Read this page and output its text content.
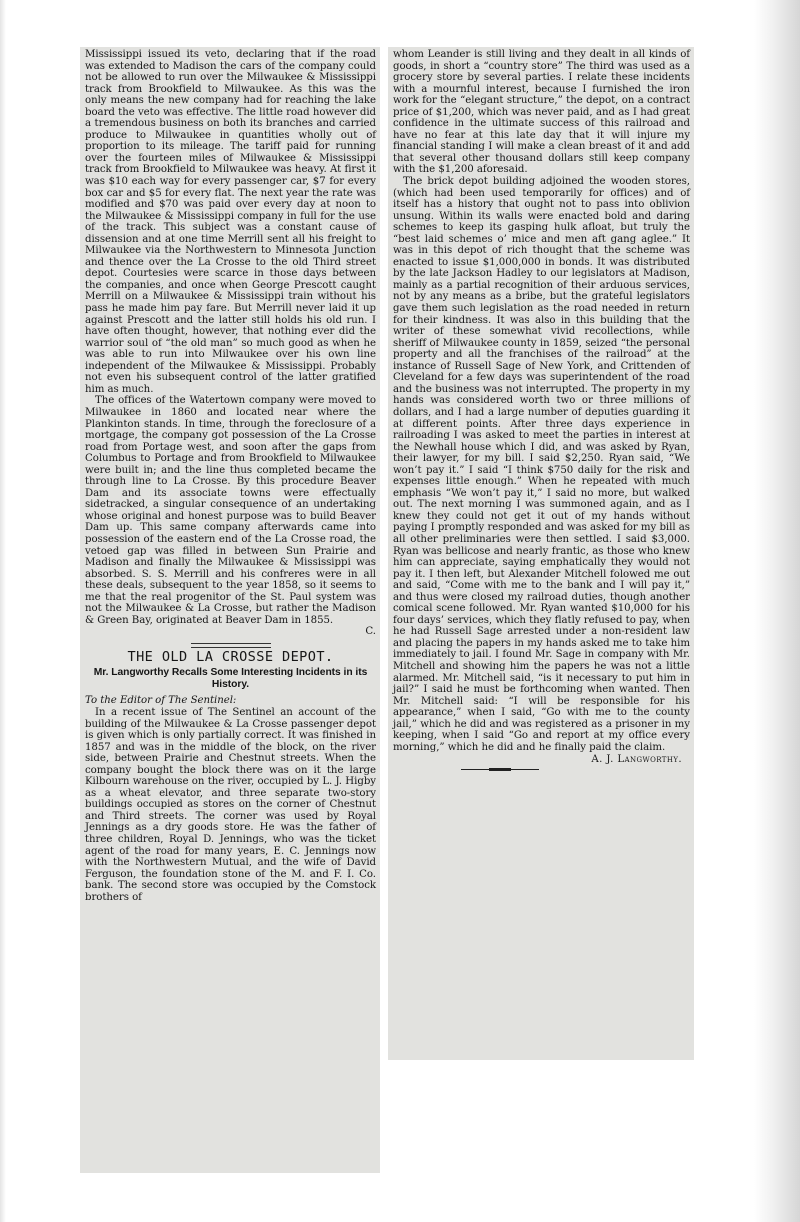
Mississippi issued its veto, declaring that if the road was extended to Madison the cars of the company could not be allowed to run over the Milwaukee & Mississippi track from Brookfield to Milwaukee. As this was the only means the new company had for reaching the lake board the veto was effective. The little road however did a tremendous business on both its branches and carried produce to Milwaukee in quantities wholly out of proportion to its mileage. The tariff paid for running over the fourteen miles of Milwaukee & Mississippi track from Brookfield to Milwaukee was heavy. At first it was $10 each way for every passenger car, $7 for every box car and $5 for every flat. The next year the rate was modified and $70 was paid over every day at noon to the Milwaukee & Mississippi company in full for the use of the track. This subject was a constant cause of dissension and at one time Merrill sent all his freight to Milwaukee via the Northwestern to Minnesota Junction and thence over the La Crosse to the old Third street depot. Courtesies were scarce in those days between the companies, and once when George Prescott caught Merrill on a Milwaukee & Mississippi train without his pass he made him pay fare. But Merrill never laid it up against Prescott and the latter still holds his old run. I have often thought, however, that nothing ever did the warrior soul of “the old man” so much good as when he was able to run into Milwaukee over his own line independent of the Milwaukee & Mississippi. Probably not even his subsequent control of the latter gratified him as much.

The offices of the Watertown company were moved to Milwaukee in 1860 and located near where the Plankinton stands. In time, through the foreclosure of a mortgage, the company got possession of the La Crosse road from Portage west, and soon after the gaps from Columbus to Portage and from Brookfield to Milwaukee were built in; and the line thus completed became the through line to La Crosse. By this procedure Beaver Dam and its associate towns were effectually sidetracked, a singular consequence of an undertaking whose original and honest purpose was to build Beaver Dam up. This same company afterwards came into possession of the eastern end of the La Crosse road, the vetoed gap was filled in between Sun Prairie and Madison and finally the Milwaukee & Mississippi was absorbed. S. S. Merrill and his confreres were in all these deals, subsequent to the year 1858, so it seems to me that the real progenitor of the St. Paul system was not the Milwaukee & La Crosse, but rather the Madison & Green Bay, originated at Beaver Dam in 1855.

C.

THE OLD LA CROSSE DEPOT.
Mr. Langworthy Recalls Some Interesting Incidents in its History.

To the Editor of The Sentinel:

In a recent issue of The Sentinel an account of the building of the Milwaukee & La Crosse passenger depot is given which is only partially correct. It was finished in 1857 and was in the middle of the block, on the river side, between Prairie and Chestnut streets. When the company bought the block there was on it the large Kilbourn warehouse on the river, occupied by L. J. Higby as a wheat elevator, and three separate two-story buildings occupied as stores on the corner of Chestnut and Third streets. The corner was used by Royal Jennings as a dry goods store. He was the father of three children, Royal D. Jennings, who was the ticket agent of the road for many years, E. C. Jennings now with the Northwestern Mutual, and the wife of David Ferguson, the foundation stone of the M. and F. I. Co. bank. The second store was occupied by the Comstock brothers of

whom Leander is still living and they dealt in all kinds of goods, in short a “country store” The third was used as a grocery store by several parties. I relate these incidents with a mournful interest, because I furnished the iron work for the “elegant structure,” the depot, on a contract price of $1,200, which was never paid, and as I had great confidence in the ultimate success of this railroad and have no fear at this late day that it will injure my financial standing I will make a clean breast of it and add that several other thousand dollars still keep company with the $1,200 aforesaid.

The brick depot building adjoined the wooden stores, (which had been used temporarily for offices) and of itself has a history that ought not to pass into oblivion unsung. Within its walls were enacted bold and daring schemes to keep its gasping hulk afloat, but truly the “best laid schemes o’ mice and men aft gang aglee.” It was in this depot of rich thought that the scheme was enacted to issue $1,000,000 in bonds. It was distributed by the late Jackson Hadley to our legislators at Madison, mainly as a partial recognition of their arduous services, not by any means as a bribe, but the grateful legislators gave them such legislation as the road needed in return for their kindness. It was also in this building that the writer of these somewhat vivid recollections, while sheriff of Milwaukee county in 1859, seized “the personal property and all the franchises of the railroad” at the instance of Russell Sage of New York, and Crittenden of Cleveland for a few days was superintendent of the road and the business was not interrupted. The property in my hands was considered worth two or three millions of dollars, and I had a large number of deputies guarding it at different points. After three days experience in railroading I was asked to meet the parties in interest at the Newhall house which I did, and was asked by Ryan, their lawyer, for my bill. I said $2,250. Ryan said, “We won’t pay it.” I said “I think $750 daily for the risk and expenses little enough.” When he repeated with much emphasis “We won’t pay it,” I said no more, but walked out. The next morning I was summoned again, and as I knew they could not get it out of my hands without paying I promptly responded and was asked for my bill as all other preliminaries were then settled. I said $3,000. Ryan was bellicose and nearly frantic, as those who knew him can appreciate, saying emphatically they would not pay it. I then left, but Alexander Mitchell folowed me out and said, “Come with me to the bank and I will pay it,” and thus were closed my railroad duties, though another comical scene followed. Mr. Ryan wanted $10,000 for his four days’ services, which they flatly refused to pay, when he had Russell Sage arrested under a non-resident law and placing the papers in my hands asked me to take him immediately to jail. I found Mr. Sage in company with Mr. Mitchell and showing him the papers he was not a little alarmed. Mr. Mitchell said, “is it necessary to put him in jail?” I said he must be forthcoming when wanted. Then Mr. Mitchell said: “I will be responsible for his appearance,” when I said, “Go with me to the county jail,” which he did and was registered as a prisoner in my keeping, when I said “Go and report at my office every morning,” which he did and he finally paid the claim.

A. J. Langworthy.
